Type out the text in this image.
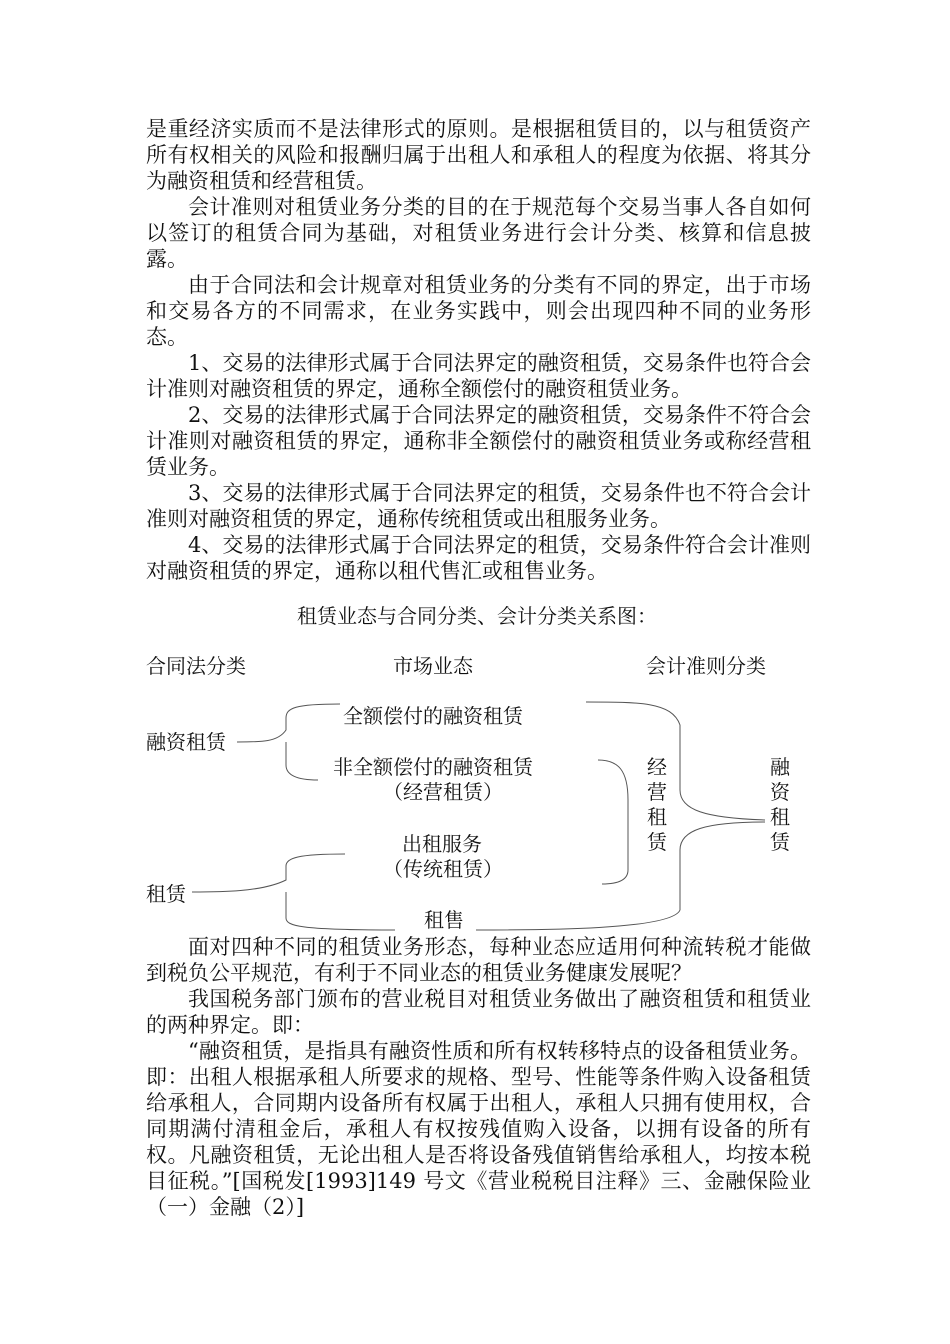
是重经济实质而不是法律形式的原则。是根据租赁目的，以与租赁资产所有权相关的风险和报酬归属于出租人和承租人的程度为依据、将其分为融资租赁和经营租赁。

会计准则对租赁业务分类的目的在于规范每个交易当事人各自如何以签订的租赁合同为基础，对租赁业务进行会计分类、核算和信息披露。

由于合同法和会计规章对租赁业务的分类有不同的界定，出于市场和交易各方的不同需求，在业务实践中，则会出现四种不同的业务形态。

1、交易的法律形式属于合同法界定的融资租赁，交易条件也符合会计准则对融资租赁的界定，通称全额偿付的融资租赁业务。

2、交易的法律形式属于合同法界定的融资租赁，交易条件不符合会计准则对融资租赁的界定，通称非全额偿付的融资租赁业务或称经营租赁业务。

3、交易的法律形式属于合同法界定的租赁，交易条件也不符合会计准则对融资租赁的界定，通称传统租赁或出租服务业务。

4、交易的法律形式属于合同法界定的租赁，交易条件符合会计准则对融资租赁的界定，通称以租代售汇或租售业务。

租赁业态与合同分类、会计分类关系图：
合同法分类	市场业态	会计准则分类
融资租赁
租赁
全额偿付的融资租赁
非全额偿付的融资租赁
（经营租赁）
出租服务
（传统租赁）
租售
经营租赁
融资租赁

面对四种不同的租赁业务形态，每种业态应适用何种流转税才能做到税负公平规范，有利于不同业态的租赁业务健康发展呢？

我国税务部门颁布的营业税目对租赁业务做出了融资租赁和租赁业的两种界定。即：

“融资租赁，是指具有融资性质和所有权转移特点的设备租赁业务。即：出租人根据承租人所要求的规格、型号、性能等条件购入设备租赁给承租人，合同期内设备所有权属于出租人，承租人只拥有使用权，合同期满付清租金后，承租人有权按残值购入设备，以拥有设备的所有权。凡融资租赁，无论出租人是否将设备残值销售给承租人，均按本税目征税。”[国税发[1993]149 号文《营业税税目注释》三、金融保险业（一）金融（2）]
